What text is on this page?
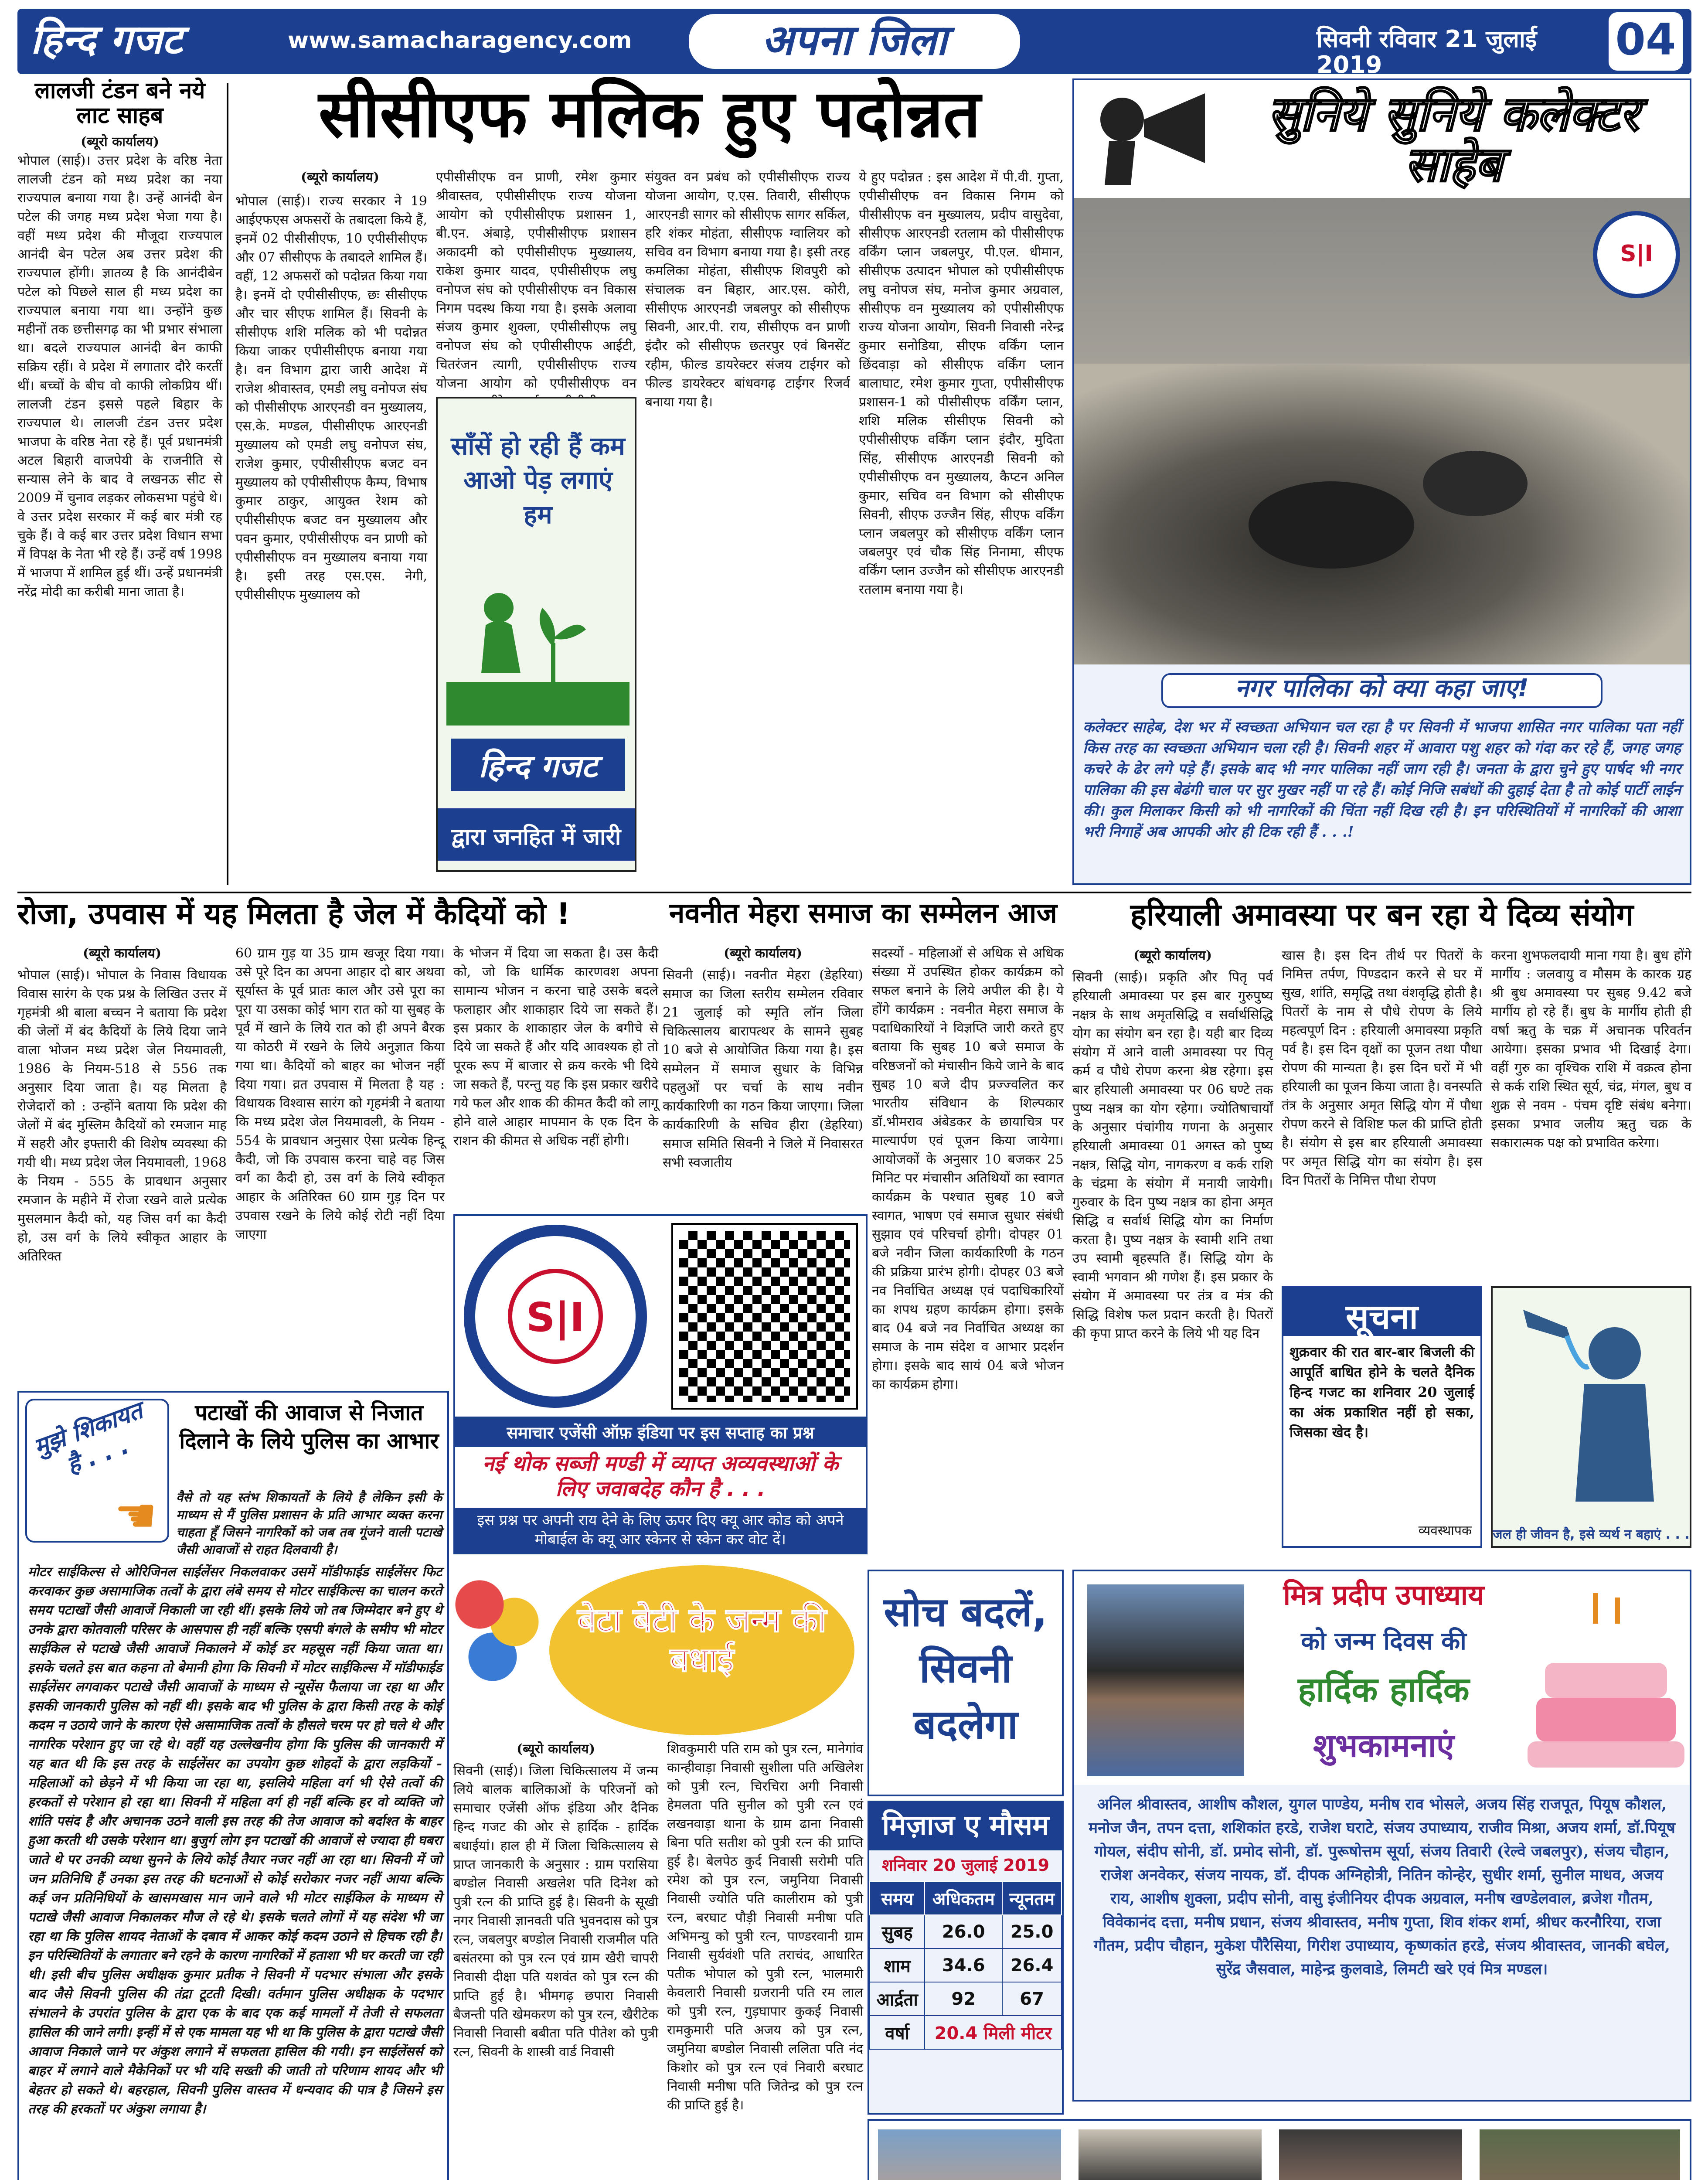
हिन्द गजट	www.samacharagency.com	अपना जिला	सिवनी रविवार 21 जुलाई 2019	04
लालजी टंडन बने नये लाट साहब
(ब्यूरो कार्यालय)
भोपाल (साई)। उत्तर प्रदेश के वरिष्ठ नेता लालजी टंडन को मध्य प्रदेश का नया राज्यपाल बनाया गया है। उन्हें आनंदी बेन पटेल की जगह मध्य प्रदेश भेजा गया है। वहीं मध्य प्रदेश की मौजूदा राज्यपाल आनंदी बेन पटेल अब उत्तर प्रदेश की राज्यपाल होंगी। ज्ञातव्य है कि आनंदीबेन पटेल को पिछले साल ही मध्य प्रदेश का राज्यपाल बनाया गया था। उन्होंने कुछ महीनों तक छत्तीसगढ़ का भी प्रभार संभाला था। बदले राज्यपाल आनंदी बेन काफी सक्रिय रहीं। वे प्रदेश में लगातार दौरे करतीं थीं। बच्चों के बीच वो काफी लोकप्रिय थीं। लालजी टंडन इससे पहले बिहार के राज्यपाल थे। लालजी टंडन उत्तर प्रदेश भाजपा के वरिष्ठ नेता रहे हैं। पूर्व प्रधानमंत्री अटल बिहारी वाजपेयी के राजनीति से सन्यास लेने के बाद वे लखनऊ सीट से 2009 में चुनाव लड़कर लोकसभा पहुंचे थे। वे उत्तर प्रदेश सरकार में कई बार मंत्री रह चुके हैं। वे कई बार उत्तर प्रदेश विधान सभा में विपक्ष के नेता भी रहे हैं। उन्हें वर्ष 1998 में भाजपा में शामिल हुई थीं। उन्हें प्रधानमंत्री नरेंद्र मोदी का करीबी माना जाता है।
सीसीएफ मलिक हुए पदोन्नत
(ब्यूरो कार्यालय)
भोपाल (साई)। राज्य सरकार ने 19 आईएफएस अफसरों के तबादला किये हैं, इनमें 02 पीसीसीएफ, 10 एपीसीसीएफ और 07 सीसीएफ के तबादले शामिल हैं। वहीं, 12 अफसरों को पदोन्नत किया गया है। इनमें दो एपीसीसीएफ, छः सीसीएफ और चार सीएफ शामिल हैं। सिवनी के सीसीएफ शशि मलिक को भी पदोन्नत किया जाकर एपीसीसीएफ बनाया गया है। वन विभाग द्वारा जारी आदेश में राजेश श्रीवास्तव, एमडी लघु वनोपज संघ को पीसीसीएफ आरएनडी वन मुख्यालय, एस.के. मण्डल, पीसीसीएफ आरएनडी मुख्यालय को एमडी लघु वनोपज संघ, राजेश कुमार, एपीसीसीएफ बजट वन मुख्यालय को एपीसीसीएफ कैम्प, विभाष कुमार ठाकुर, आयुक्त रेशम को एपीसीसीएफ बजट वन मुख्यालय और पवन कुमार, एपीसीसीएफ वन प्राणी को एपीसीसीएफ वन मुख्यालय बनाया गया है। इसी तरह एस.एस. नेगी, एपीसीसीएफ मुख्यालय को
एपीसीसीएफ वन प्राणी, रमेश कुमार श्रीवास्तव, एपीसीसीएफ राज्य योजना आयोग को एपीसीसीएफ प्रशासन 1, बी.एन. अंबाड़े, एपीसीसीएफ प्रशासन अकादमी को एपीसीसीएफ मुख्यालय, राकेश कुमार यादव, एपीसीसीएफ लघु वनोपज संघ को एपीसीसीएफ वन विकास निगम पदस्थ किया गया है। इसके अलावा संजय कुमार शुक्ला, एपीसीसीएफ लघु वनोपज संघ को एपीसीसीएफ आईटी, चितरंजन त्यागी, एपीसीसीएफ राज्य योजना आयोग को एपीसीसीएफ वन
संयुक्त वन प्रबंध को एपीसीसीएफ राज्य योजना आयोग, ए.एस. तिवारी, सीसीएफ आरएनडी सागर को सीसीएफ सागर सर्किल, हरि शंकर मोहंता, सीसीएफ ग्वालियर को सचिव वन विभाग बनाया गया है। इसी तरह कमलिका मोहंता, सीसीएफ शिवपुरी को संचालक वन बिहार, आर.एस. कोरी, सीसीएफ आरएनडी जबलपुर को सीसीएफ सिवनी, आर.पी. राय, सीसीएफ वन प्राणी इंदौर को सीसीएफ छतरपुर एवं बिनसेंट रहीम, फील्ड डायरेक्टर संजय टाईगर को फील्ड डायरेक्टर बांधवगढ़ टाईगर रिजर्व बनाया गया है।
ये हुए पदोन्नत : इस आदेश में पी.वी. गुप्ता, एपीसीसीएफ वन विकास निगम को पीसीसीएफ वन मुख्यालय, प्रदीप वासुदेवा, सीसीएफ आरएनडी रतलाम को पीसीसीएफ वर्किंग प्लान जबलपुर, पी.एल. धीमान, सीसीएफ उत्पादन भोपाल को एपीसीसीएफ लघु वनोपज संघ, मनोज कुमार अग्रवाल, सीसीएफ वन मुख्यालय को एपीसीसीएफ राज्य योजना आयोग, सिवनी निवासी नरेन्द्र कुमार सनोडिया, सीएफ वर्किंग प्लान छिंदवाड़ा को सीसीएफ वर्किंग प्लान बालाघाट, रमेश कुमार गुप्ता, एपीसीसीएफ प्रशासन-1 को पीसीसीएफ वर्किंग प्लान, शशि मलिक सीसीएफ सिवनी को एपीसीसीएफ वर्किंग प्लान इंदौर, मुदिता सिंह, सीसीएफ आरएनडी सिवनी को एपीसीसीएफ वन मुख्यालय, कैप्टन अनिल कुमार, सचिव वन विभाग को सीसीएफ सिवनी, सीएफ उज्जैन सिंह, सीएफ वर्किंग प्लान जबलपुर को सीसीएफ वर्किंग प्लान जबलपुर एवं चौक सिंह निनामा, सीएफ वर्किंग प्लान उज्जैन को सीसीएफ आरएनडी रतलाम बनाया गया है।
साँसें हो रही हैं कम आओ पेड़ लगाएं हम
हिन्द गजट
द्वारा जनहित में जारी
सुनिये सुनिये कलेक्टर साहेब
S|I
नगर पालिका को क्या कहा जाए!
कलेक्टर साहेब, देश भर में स्वच्छता अभियान चल रहा है पर सिवनी में भाजपा शासित नगर पालिका पता नहीं किस तरह का स्वच्छता अभियान चला रही है। सिवनी शहर में आवारा पशु शहर को गंदा कर रहे हैं, जगह जगह कचरे के ढेर लगे पड़े हैं। इसके बाद भी नगर पालिका नहीं जाग रही है। जनता के द्वारा चुने हुए पार्षद भी नगर पालिका की इस बेढंगी चाल पर सुर मुखर नहीं पा रहे हैं। कोई निजि सबंधों की दुहाई देता है तो कोई पार्टी लाईन की। कुल मिलाकर किसी को भी नागरिकों की चिंता नहीं दिख रही है। इन परिस्थितियों में नागरिकों की आशा भरी निगाहें अब आपकी ओर ही टिक रही हैं . . .!
रोजा, उपवास में यह मिलता है जेल में कैदियों को !
(ब्यूरो कार्यालय)
भोपाल (साई)। भोपाल के निवास विधायक विवास सारंग के एक प्रश्न के लिखित उत्तर में गृहमंत्री श्री बाला बच्चन ने बताया कि प्रदेश की जेलों में बंद कैदियों के लिये दिया जाने वाला भोजन मध्य प्रदेश जेल नियमावली, 1986 के नियम-518 से 556 तक अनुसार दिया जाता है। यह मिलता है रोजेदारों को : उन्होंने बताया कि प्रदेश की जेलों में बंद मुस्लिम कैदियों को रमजान माह में सहरी और इफ्तारी की विशेष व्यवस्था की गयी थी। मध्य प्रदेश जेल नियमावली, 1968 के नियम - 555 के प्रावधान अनुसार रमजान के महीने में रोजा रखने वाले प्रत्येक मुसलमान कैदी को, यह जिस वर्ग का कैदी हो, उस वर्ग के लिये स्वीकृत आहार के अतिरिक्त
60 ग्राम गुड़ या 35 ग्राम खजूर दिया गया। उसे पूरे दिन का अपना आहार दो बार अथवा सूर्यास्त के पूर्व प्रातः काल और उसे पूरा का पूरा या उसका कोई भाग रात को या सुबह के पूर्व में खाने के लिये रात को ही अपने बैरक या कोठरी में रखने के लिये अनुज्ञात किया गया था। कैदियों को बाहर का भोजन नहीं दिया गया। व्रत उपवास में मिलता है यह : विधायक विश्वास सारंग को गृहमंत्री ने बताया कि मध्य प्रदेश जेल नियमावली, के नियम - 554 के प्रावधान अनुसार ऐसा प्रत्येक हिन्दू कैदी, जो कि उपवास करना चाहे वह जिस वर्ग का कैदी हो, उस वर्ग के लिये स्वीकृत आहार के अतिरिक्त 60 ग्राम गुड़ दिन पर उपवास रखने के लिये कोई रोटी नहीं दिया जाएगा
के भोजन में दिया जा सकता है। उस कैदी को, जो कि धार्मिक कारणवश अपना सामान्य भोजन न करना चाहे उसके बदले फलाहार और शाकाहार दिये जा सकते हैं। इस प्रकार के शाकाहार जेल के बगीचे से दिये जा सकते हैं और यदि आवश्यक हो तो पूरक रूप में बाजार से क्रय करके भी दिये जा सकते हैं, परन्तु यह कि इस प्रकार खरीदे गये फल और शाक की कीमत कैदी को लागू होने वाले आहार मापमान के एक दिन के राशन की कीमत से अधिक नहीं होगी।
नवनीत मेहरा समाज का सम्मेलन आज
(ब्यूरो कार्यालय)
सिवनी (साई)। नवनीत मेहरा (डेहरिया) समाज का जिला स्तरीय सम्मेलन रविवार 21 जुलाई को स्मृति लॉन जिला चिकित्सालय बारापत्थर के सामने सुबह 10 बजे से आयोजित किया गया है। इस सम्मेलन में समाज सुधार के विभिन्न पहलुओं पर चर्चा के साथ नवीन कार्यकारिणी का गठन किया जाएगा। जिला कार्यकारिणी के सचिव हीरा (डेहरिया) समाज समिति सिवनी ने जिले में निवासरत सभी स्वजातीय
सदस्यों - महिलाओं से अधिक से अधिक संख्या में उपस्थित होकर कार्यक्रम को सफल बनाने के लिये अपील की है। ये होंगे कार्यक्रम : नवनीत मेहरा समाज के पदाधिकारियों ने विज्ञप्ति जारी करते हुए बताया कि सुबह 10 बजे समाज के वरिष्ठजनों को मंचासीन किये जाने के बाद सुबह 10 बजे दीप प्रज्ज्वलित कर भारतीय संविधान के शिल्पकार डॉ.भीमराव अंबेडकर के छायाचित्र पर माल्यार्पण एवं पूजन किया जायेगा। आयोजकों के अनुसार 10 बजकर 25 मिनिट पर मंचासीन अतिथियों का स्वागत कार्यक्रम के पश्चात सुबह 10 बजे स्वागत, भाषण एवं समाज सुधार संबंधी सुझाव एवं परिचर्चा होगी। दोपहर 01 बजे नवीन जिला कार्यकारिणी के गठन की प्रक्रिया प्रारंभ होगी। दोपहर 03 बजे नव निर्वाचित अध्यक्ष एवं पदाधिकारियों का शपथ ग्रहण कार्यक्रम होगा। इसके बाद 04 बजे नव निर्वाचित अध्यक्ष का समाज के नाम संदेश व आभार प्रदर्शन होगा। इसके बाद सायं 04 बजे भोजन का कार्यक्रम होगा।
S|I
समाचार एजेंसी ऑफ़ इंडिया पर इस सप्ताह का प्रश्न
नई थोक सब्जी मण्डी में व्याप्त अव्यवस्थाओं के लिए जवाबदेह कौन है . . .
इस प्रश्न पर अपनी राय देने के लिए ऊपर दिए क्यू आर कोड को अपने मोबाईल के क्यू आर स्केनर से स्केन कर वोट दें।
हरियाली अमावस्या पर बन रहा ये दिव्य संयोग
(ब्यूरो कार्यालय)
सिवनी (साई)। प्रकृति और पितृ पर्व हरियाली अमावस्या पर इस बार गुरुपुष्य नक्षत्र के साथ अमृतसिद्धि व सर्वार्थसिद्धि योग का संयोग बन रहा है। यही बार दिव्य संयोग में आने वाली अमावस्या पर पितृ कर्म व पौधे रोपण करना श्रेष्ठ रहेगा। इस बार हरियाली अमावस्या पर 06 घण्टे तक पुष्य नक्षत्र का योग रहेगा। ज्योतिषाचार्यों के अनुसार पंचांगीय गणना के अनुसार हरियाली अमावस्या 01 अगस्त को पुष्य नक्षत्र, सिद्धि योग, नागकरण व कर्क राशि के चंद्रमा के संयोग में मनायी जायेगी। गुरुवार के दिन पुष्य नक्षत्र का होना अमृत सिद्धि व सर्वार्थ सिद्धि योग का निर्माण करता है। पुष्य नक्षत्र के स्वामी शनि तथा उप स्वामी बृहस्पति हैं। सिद्धि योग के स्वामी भगवान श्री गणेश हैं। इस प्रकार के संयोग में अमावस्या पर तंत्र व मंत्र की सिद्धि विशेष फल प्रदान करती है। पितरों की कृपा प्राप्त करने के लिये भी यह दिन
खास है। इस दिन तीर्थ पर पितरों के निमित्त तर्पण, पिण्डदान करने से घर में सुख, शांति, समृद्धि तथा वंशवृद्धि होती है। पितरों के नाम से पौधे रोपण के लिये महत्वपूर्ण दिन : हरियाली अमावस्या प्रकृति पर्व है। इस दिन वृक्षों का पूजन तथा पौधा रोपण की मान्यता है। इस दिन घरों में भी हरियाली का पूजन किया जाता है। वनस्पति तंत्र के अनुसार अमृत सिद्धि योग में पौधा रोपण करने से विशिष्ट फल की प्राप्ति होती है। संयोग से इस बार हरियाली अमावस्या पर अमृत सिद्धि योग का संयोग है। इस दिन पितरों के निमित्त पौधा रोपण
करना शुभफलदायी माना गया है। बुध होंगे मार्गीय : जलवायु व मौसम के कारक ग्रह श्री बुध अमावस्या पर सुबह 9.42 बजे मार्गीय हो रहे हैं। बुध के मार्गीय होती ही वर्षा ऋतु के चक्र में अचानक परिवर्तन आयेगा। इसका प्रभाव भी दिखाई देगा। वहीं गुरु का वृश्चिक राशि में वक्रत्व होना से कर्क राशि स्थित सूर्य, चंद्र, मंगल, बुध व शुक्र से नवम - पंचम दृष्टि संबंध बनेगा। इसका प्रभाव जलीय ऋतु चक्र के सकारात्मक पक्ष को प्रभावित करेगा।
सूचना
शुक्रवार की रात बार-बार बिजली की आपूर्ति बाधित होने के चलते दैनिक हिन्द गजट का शनिवार 20 जुलाई का अंक प्रकाशित नहीं हो सका, जिसका खेद है।
व्यवस्थापक जल ही जीवन है, इसे व्यर्थ न बहाएं . . .
मुझे शिकायत है . . .
☚
पटाखों की आवाज से निजात दिलाने के लिये पुलिस का आभार
वैसे तो यह स्तंभ शिकायतों के लिये है लेकिन इसी के माध्यम से मैं पुलिस प्रशासन के प्रति आभार व्यक्त करना चाहता हूँ जिसने नागरिकों को जब तब गूंजने वाली पटाखे जैसी आवाजों से राहत दिलवायी है।
मोटर साईकिल्स से ओरिजिनल साईलेंसर निकलवाकर उसमें मॉडीफाईड साईलेंसर फिट करवाकर कुछ असामाजिक तत्वों के द्वारा लंबे समय से मोटर साईकिल्स का चालन करते समय पटाखों जैसी आवाजें निकाली जा रही थीं। इसके लिये जो तब जिम्मेदार बने हुए थे उनके द्वारा कोतवाली परिसर के आसपास ही नहीं बल्कि एसपी बंगले के समीप भी मोटर साईकिल से पटाखे जैसी आवाजें निकालने में कोई डर महसूस नहीं किया जाता था। इसके चलते इस बात कहना तो बेमानी होगा कि सिवनी में मोटर साईकिल्स में मॉडीफाईड साईलेंसर लगवाकर पटाखे जैसी आवाजों के माध्यम से न्यूसेंस फैलाया जा रहा था और इसकी जानकारी पुलिस को नहीं थी। इसके बाद भी पुलिस के द्वारा किसी तरह के कोई कदम न उठाये जाने के कारण ऐसे असामाजिक तत्वों के हौसले चरम पर हो चले थे और नागरिक परेशान हुए जा रहे थे। वहीं यह उल्लेखनीय होगा कि पुलिस की जानकारी में यह बात थी कि इस तरह के साईलेंसर का उपयोग कुछ शोहदों के द्वारा लड़कियों - महिलाओं को छेड़ने में भी किया जा रहा था, इसलिये महिला वर्ग भी ऐसे तत्वों की हरकतों से परेशान हो रहा था। सिवनी में महिला वर्ग ही नहीं बल्कि हर वो व्यक्ति जो शांति पसंद है और अचानक उठने वाली इस तरह की तेज आवाज को बर्दाश्त के बाहर हुआ करती थी उसके परेशान था। बुजुर्ग लोग इन पटाखों की आवाजें से ज्यादा ही घबरा जाते थे पर उनकी व्यथा सुनने के लिये कोई तैयार नजर नहीं आ रहा था। सिवनी में जो जन प्रतिनिधि हैं उनका इस तरह की घटनाओं से कोई सरोकार नजर नहीं आया बल्कि कई जन प्रतिनिधियों के खासमखास मान जाने वाले भी मोटर साईकिल के माध्यम से पटाखे जैसी आवाज निकालकर मौज ले रहे थे। इसके चलते लोगों में यह संदेश भी जा रहा था कि पुलिस शायद नेताओं के दबाव में आकर कोई कदम उठाने से हिचक रही है। इन परिस्थितियों के लगातार बने रहने के कारण नागरिकों में हताशा भी घर करती जा रही थी। इसी बीच पुलिस अधीक्षक कुमार प्रतीक ने सिवनी में पदभार संभाला और इसके बाद जैसे सिवनी पुलिस की तंद्रा टूटती दिखी। वर्तमान पुलिस अधीक्षक के पदभार संभालने के उपरांत पुलिस के द्वारा एक के बाद एक कई मामलों में तेजी से सफलता हासिल की जाने लगी। इन्हीं में से एक मामला यह भी था कि पुलिस के द्वारा पटाखे जैसी आवाज निकाले जाने पर अंकुश लगाने में सफलता हासिल की गयी। इन साईलेंसर्स को बाहर में लगाने वाले मैकेनिकों पर भी यदि सख्ती की जाती तो परिणाम शायद और भी बेहतर हो सकते थे। बहरहाल, सिवनी पुलिस वास्तव में धन्यवाद की पात्र है जिसने इस तरह की हरकतों पर अंकुश लगाया है।
बेटा बेटी के जन्म की बधाई
(ब्यूरो कार्यालय)
सिवनी (साई)। जिला चिकित्सालय में जन्म लिये बालक बालिकाओं के परिजनों को समाचार एजेंसी ऑफ इंडिया और दैनिक हिन्द गजट की ओर से हार्दिक - हार्दिक बधाईयां। हाल ही में जिला चिकित्सालय से प्राप्त जानकारी के अनुसार : ग्राम परासिया बण्डोल निवासी अखलेश पति दिनेश को पुत्री रत्न की प्राप्ति हुई है। सिवनी के सूखी नगर निवासी ज्ञानवती पति भुवनदास को पुत्र रत्न, जबलपुर बण्डोल निवासी राजमील पति बसंतरमा को पुत्र रत्न एवं ग्राम खैरी चापरी निवासी दीक्षा पति यशवंत को पुत्र रत्न की प्राप्ति हुई है। भीमगढ़ छपारा निवासी बैजन्ती पति खेमकरण को पुत्र रत्न, खैरीटेक निवासी निवासी बबीता पति पीतेश को पुत्री रत्न, सिवनी के शास्त्री वार्ड निवासी
शिवकुमारी पति राम को पुत्र रत्न, मानेगांव कान्हीवाड़ा निवासी सुशीला पति अखिलेश को पुत्री रत्न, चिरचिरा अगी निवासी हेमलता पति सुनील को पुत्री रत्न एवं लखनवाड़ा थाना के ग्राम ढाना निवासी बिना पति सतीश को पुत्री रत्न की प्राप्ति हुई है। बेलपेठ कुर्द निवासी सरोमी पति रमेश को पुत्र रत्न, जमुनिया निवासी निवासी ज्योति पति कालीराम को पुत्री रत्न, बरघाट पौड़ी निवासी मनीषा पति अभिमन्यु को पुत्री रत्न, पाण्डरवानी ग्राम निवासी सुर्यवंशी पति तराचंद, आधारित पतीक भोपाल को पुत्री रत्न, भालमारी केवलारी निवासी ग्रजरानी पति रम लाल को पुत्री रत्न, गुड़घापार कुकई निवासी रामकुमारी पति अजय को पुत्र रत्न, जमुनिया बण्डोल निवासी ललिता पति नंद किशोर को पुत्र रत्न एवं निवारी बरघाट निवासी मनीषा पति जितेन्द्र को पुत्र रत्न की प्राप्ति हुई है।
सोच बदलें, सिवनी बदलेगा
मिज़ाज ए मौसम
शनिवार 20 जुलाई 2019
समय	अधिकतम	न्यूनतम
सुबह	26.0	25.0
शाम	34.6	26.4
आर्द्रता	92	67
वर्षा	20.4 मिली मीटर	
मित्र प्रदीप उपाध्याय
को जन्म दिवस की
हार्दिक हार्दिक
शुभकामनाएं
अनिल श्रीवास्तव, आशीष कौशल, युगल पाण्डेय, मनीष राव भोसले, अजय सिंह राजपूत, पियूष कौशल, मनोज जैन, तपन दत्ता, शशिकांत हरडे, राजेश घराटे, संजय उपाध्याय, राजीव मिश्रा, अजय शर्मा, डॉ.पियूष गोयल, संदीप सोनी, डॉ. प्रमोद सोनी, डॉ. पुरूषोत्तम सूर्या, संजय तिवारी (रेल्वे जबलपुर), संजय चौहान, राजेश अनवेकर, संजय नायक, डॉ. दीपक अग्निहोत्री, नितिन कोन्हेर, सुधीर शर्मा, सुनील माधव, अजय राय, आशीष शुक्ला, प्रदीप सोनी, वासु इंजीनियर दीपक अग्रवाल, मनीष खण्डेलवाल, ब्रजेश गौतम, विवेकानंद दत्ता, मनीष प्रधान, संजय श्रीवास्तव, मनीष गुप्ता, शिव शंकर शर्मा, श्रीधर करनौरिया, राजा गौतम, प्रदीप चौहान, मुकेश पौरैसिया, गिरीश उपाध्याय, कृष्णकांत हरडे, संजय श्रीवास्तव, जानकी बघेल, सुरेंद्र जैसवाल, माहेन्द्र कुलवाडे, लिमटी खरे एवं मित्र मण्डल।
